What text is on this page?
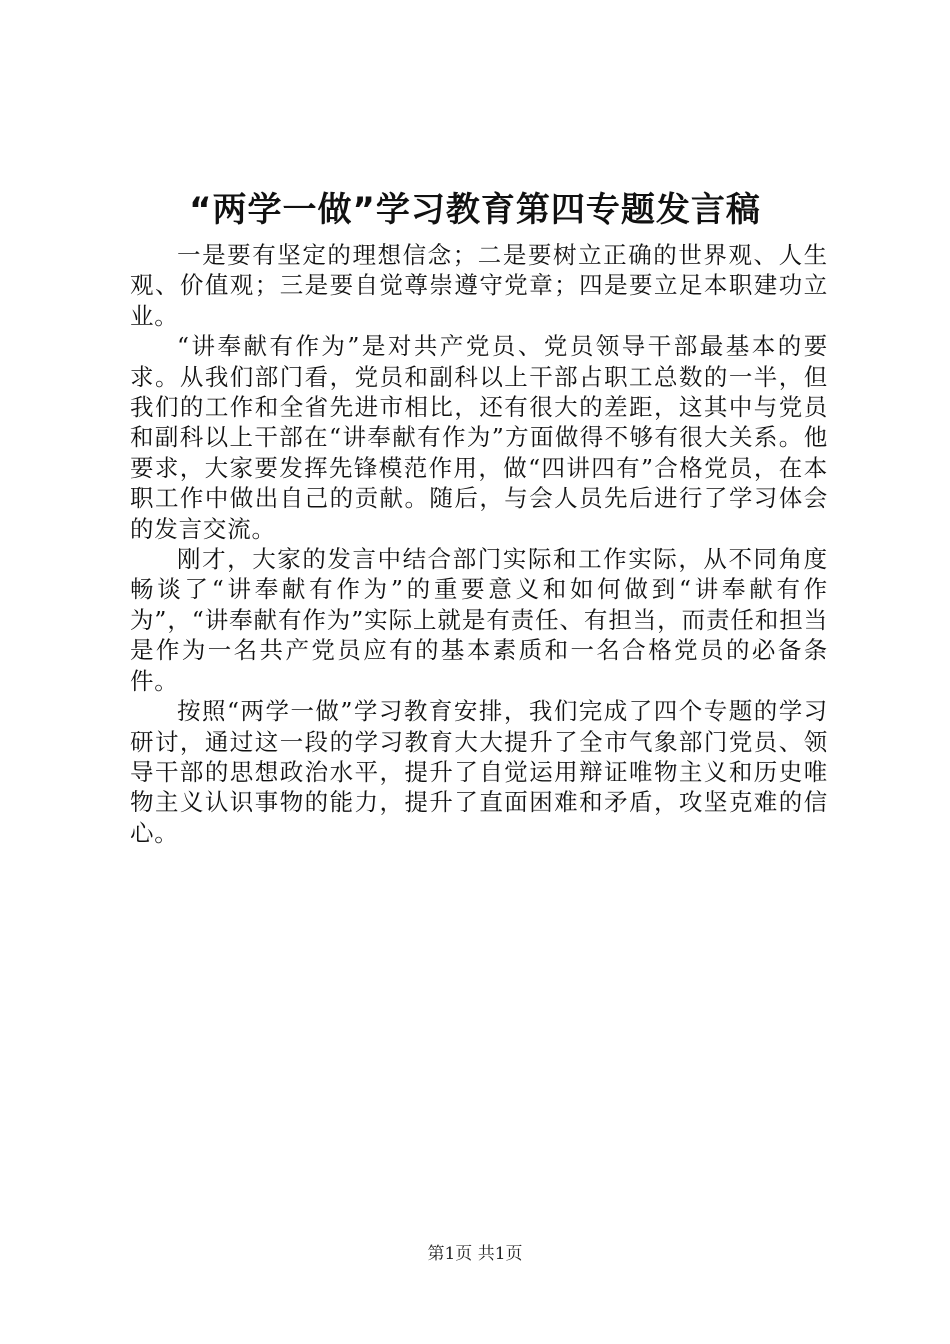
“两学一做”学习教育第四专题发言稿

一是要有坚定的理想信念；二是要树立正确的世界观、人生观、价值观；三是要自觉尊崇遵守党章；四是要立足本职建功立业。

“讲奉献有作为”是对共产党员、党员领导干部最基本的要求。从我们部门看，党员和副科以上干部占职工总数的一半，但我们的工作和全省先进市相比，还有很大的差距，这其中与党员和副科以上干部在“讲奉献有作为”方面做得不够有很大关系。他要求，大家要发挥先锋模范作用，做“四讲四有”合格党员，在本职工作中做出自己的贡献。随后，与会人员先后进行了学习体会的发言交流。

刚才，大家的发言中结合部门实际和工作实际，从不同角度畅谈了“讲奉献有作为”的重要意义和如何做到“讲奉献有作为”，“讲奉献有作为”实际上就是有责任、有担当，而责任和担当是作为一名共产党员应有的基本素质和一名合格党员的必备条件。

按照“两学一做”学习教育安排，我们完成了四个专题的学习研讨，通过这一段的学习教育大大提升了全市气象部门党员、领导干部的思想政治水平，提升了自觉运用辩证唯物主义和历史唯物主义认识事物的能力，提升了直面困难和矛盾，攻坚克难的信心。

第1页 共1页
